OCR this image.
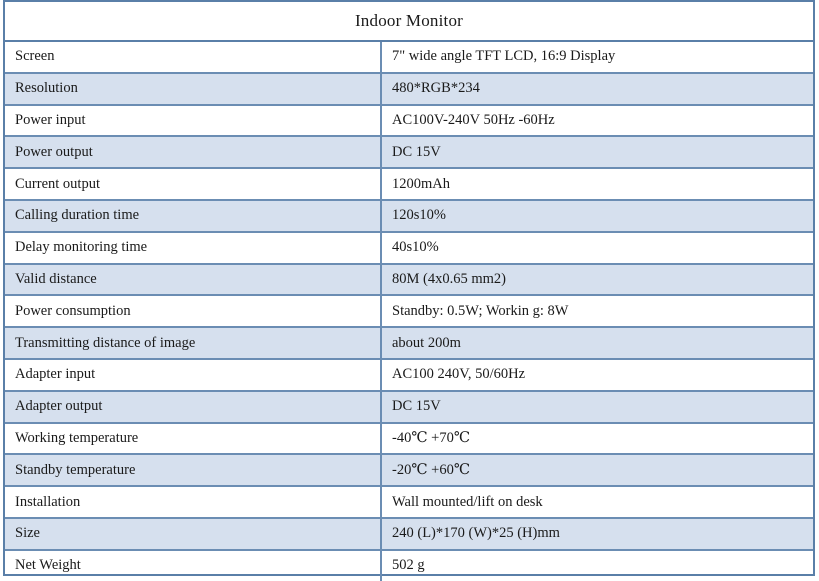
Indoor Monitor
Screen	7" wide angle TFT LCD, 16:9 Display
Resolution	480*RGB*234
Power input	AC100V-240V 50Hz -60Hz
Power output	DC 15V
Current output	1200mAh
Calling duration time	120s10%
Delay monitoring time	40s10%
Valid distance	80M (4x0.65 mm2)
Power consumption	Standby: 0.5W; Workin g: 8W
Transmitting distance of image	about 200m
Adapter input	AC100 240V, 50/60Hz
Adapter output	DC 15V
Working temperature	-40℃ +70℃
Standby temperature	-20℃ +60℃
Installation	Wall mounted/lift on desk
Size	240 (L)*170 (W)*25 (H)mm
Net Weight	502 g
